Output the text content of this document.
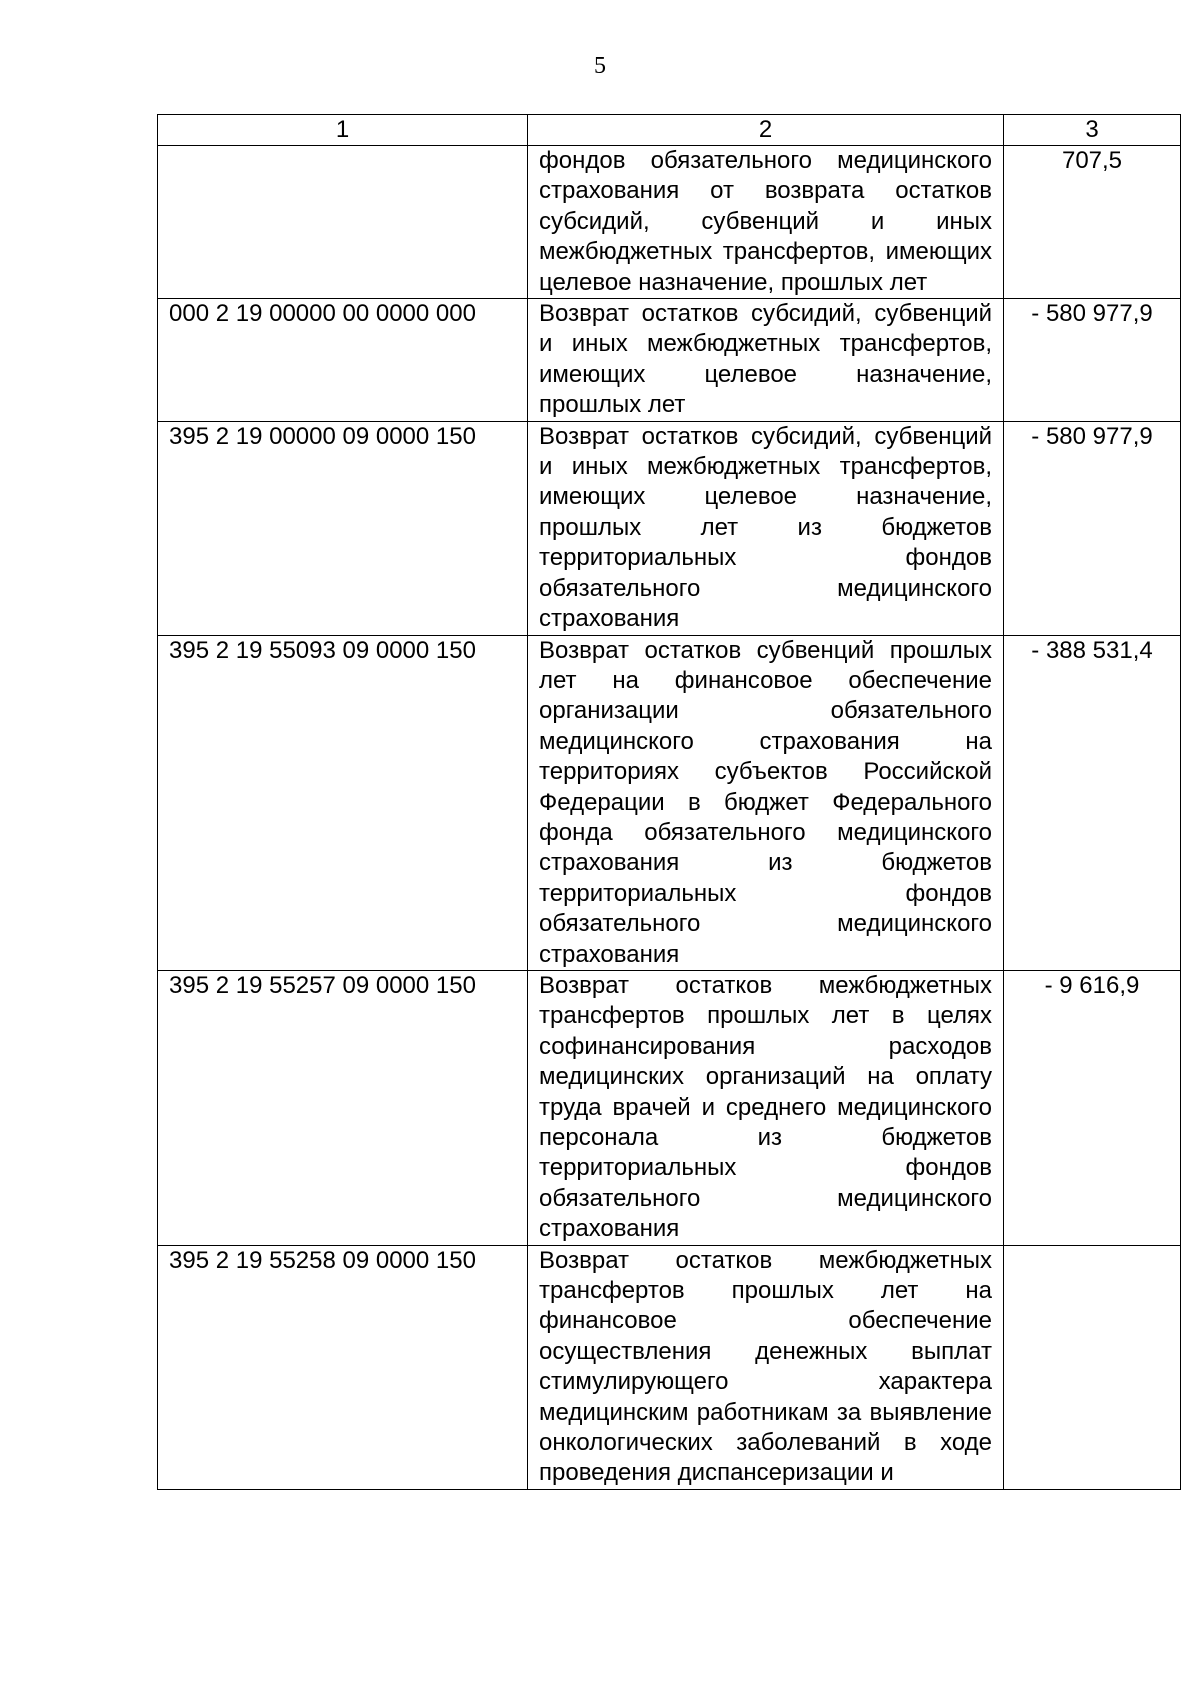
5
1	2	3
	фондов обязательного медицинского страхования от возврата остатков субсидий, субвенций и иных межбюджетных трансфертов, имеющих целевое назначение, прошлых лет	707,5
000 2 19 00000 00 0000 000	Возврат остатков субсидий, субвенций и иных межбюджетных трансфертов, имеющих целевое назначение, прошлых лет	- 580 977,9
395 2 19 00000 09 0000 150	Возврат остатков субсидий, субвенций и иных межбюджетных трансфертов, имеющих целевое назначение, прошлых лет из бюджетов территориальных фондов обязательного медицинского страхования	- 580 977,9
395 2 19 55093 09 0000 150	Возврат остатков субвенций прошлых лет на финансовое обеспечение организации обязательного медицинского страхования на территориях субъектов Российской Федерации в бюджет Федерального фонда обязательного медицинского страхования из бюджетов территориальных фондов обязательного медицинского страхования	- 388 531,4
395 2 19 55257 09 0000 150	Возврат остатков межбюджетных трансфертов прошлых лет в целях софинансирования расходов медицинских организаций на оплату труда врачей и среднего медицинского персонала из бюджетов территориальных фондов обязательного медицинского страхования	- 9 616,9
395 2 19 55258 09 0000 150	Возврат остатков межбюджетных трансфертов прошлых лет на финансовое обеспечение осуществления денежных выплат стимулирующего характера медицинским работникам за выявление онкологических заболеваний в ходе проведения диспансеризации и	
